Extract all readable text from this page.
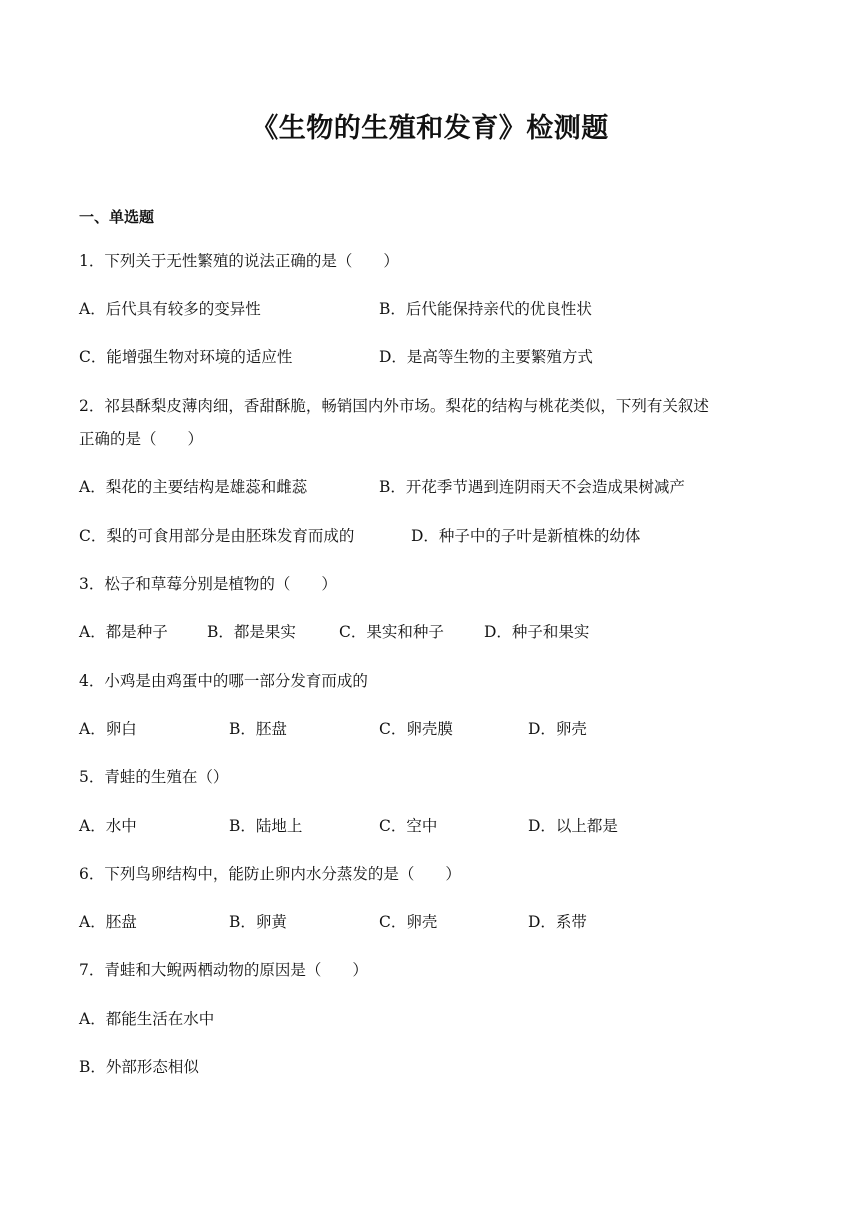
《生物的生殖和发育》检测题
一、单选题
1．下列关于无性繁殖的说法正确的是（　　）
A．后代具有较多的变异性	B．后代能保持亲代的优良性状
C．能增强生物对环境的适应性	D．是高等生物的主要繁殖方式
2．祁县酥梨皮薄肉细，香甜酥脆，畅销国内外市场。梨花的结构与桃花类似，下列有关叙述
正确的是（　　）
A．梨花的主要结构是雄蕊和雌蕊	B．开花季节遇到连阴雨天不会造成果树减产
C．梨的可食用部分是由胚珠发育而成的	D．种子中的子叶是新植株的幼体
3．松子和草莓分别是植物的（　　）
A．都是种子	B．都是果实	C．果实和种子	D．种子和果实
4．小鸡是由鸡蛋中的哪一部分发育而成的
A．卵白	B．胚盘	C．卵壳膜	D．卵壳
5．青蛙的生殖在（）
A．水中	B．陆地上	C．空中	D．以上都是
6．下列鸟卵结构中，能防止卵内水分蒸发的是（　　）
A．胚盘	B．卵黄	C．卵壳	D．系带
7．青蛙和大鲵两栖动物的原因是（　　）
A．都能生活在水中
B．外部形态相似
